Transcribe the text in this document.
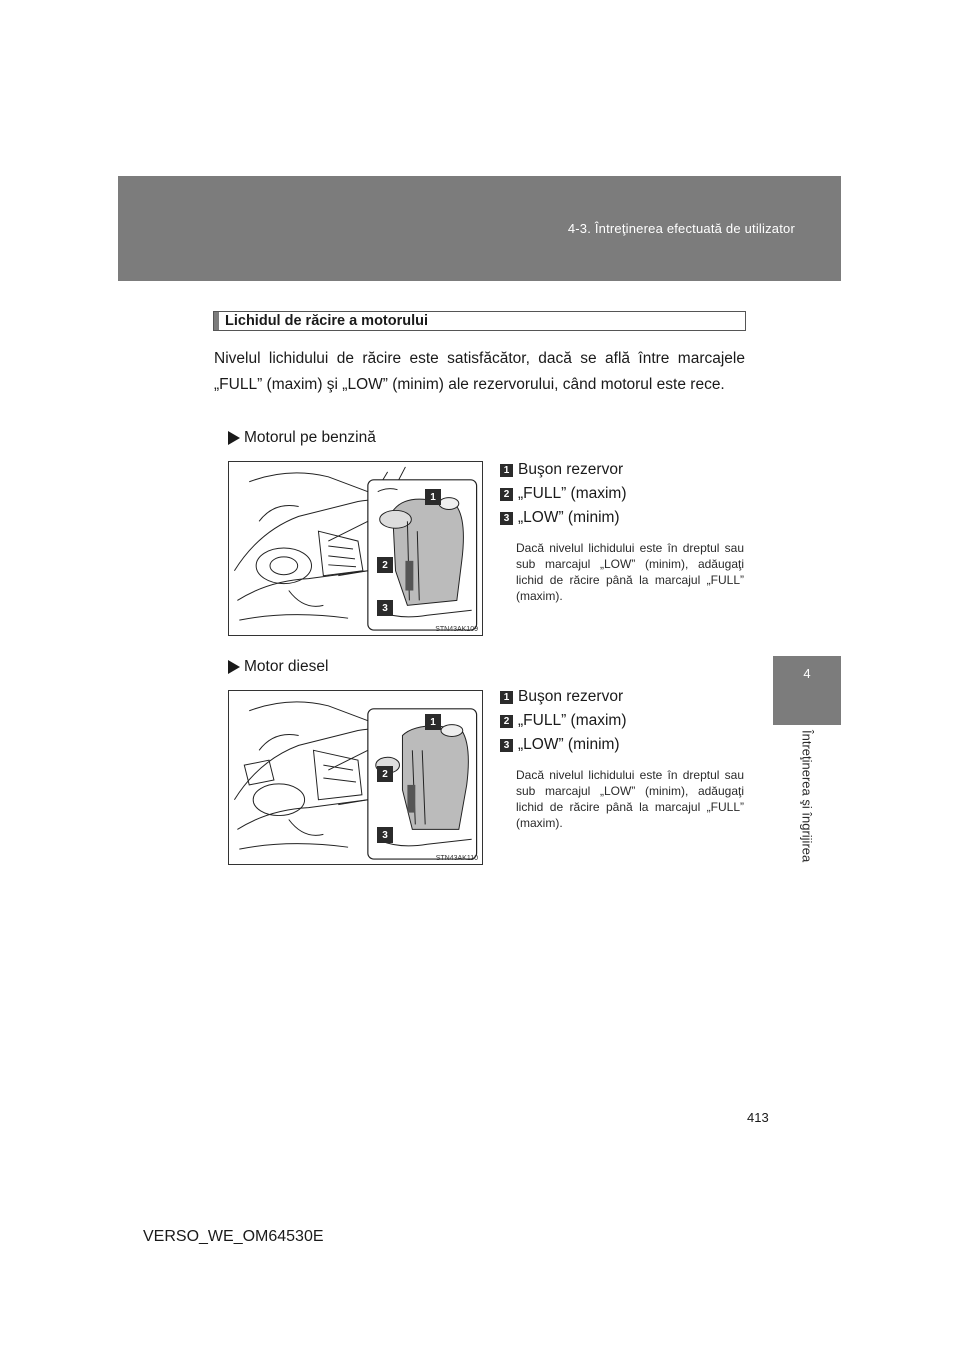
4-3. Întreţinerea efectuată de utilizator
4
Întreţinerea şi îngrijirea
Lichidul de răcire a motorului
Nivelul lichidului de răcire este satisfăcător, dacă se află între marcajele „FULL” (maxim) şi „LOW” (minim) ale rezervorului, când motorul este rece.
Motorul pe benzină
1
2
3
STN43AK109
1 Buşon rezervor
2 „FULL” (maxim)
3 „LOW” (minim)
Dacă nivelul lichidului este în dreptul sau sub marcajul „LOW” (minim), adăugaţi lichid de răcire până la marcajul „FULL” (maxim).
Motor diesel
1
2
3
STN43AK110
1 Buşon rezervor
2 „FULL” (maxim)
3 „LOW” (minim)
Dacă nivelul lichidului este în dreptul sau sub marcajul „LOW” (minim), adăugaţi lichid de răcire până la marcajul „FULL” (maxim).
413
VERSO_WE_OM64530E
